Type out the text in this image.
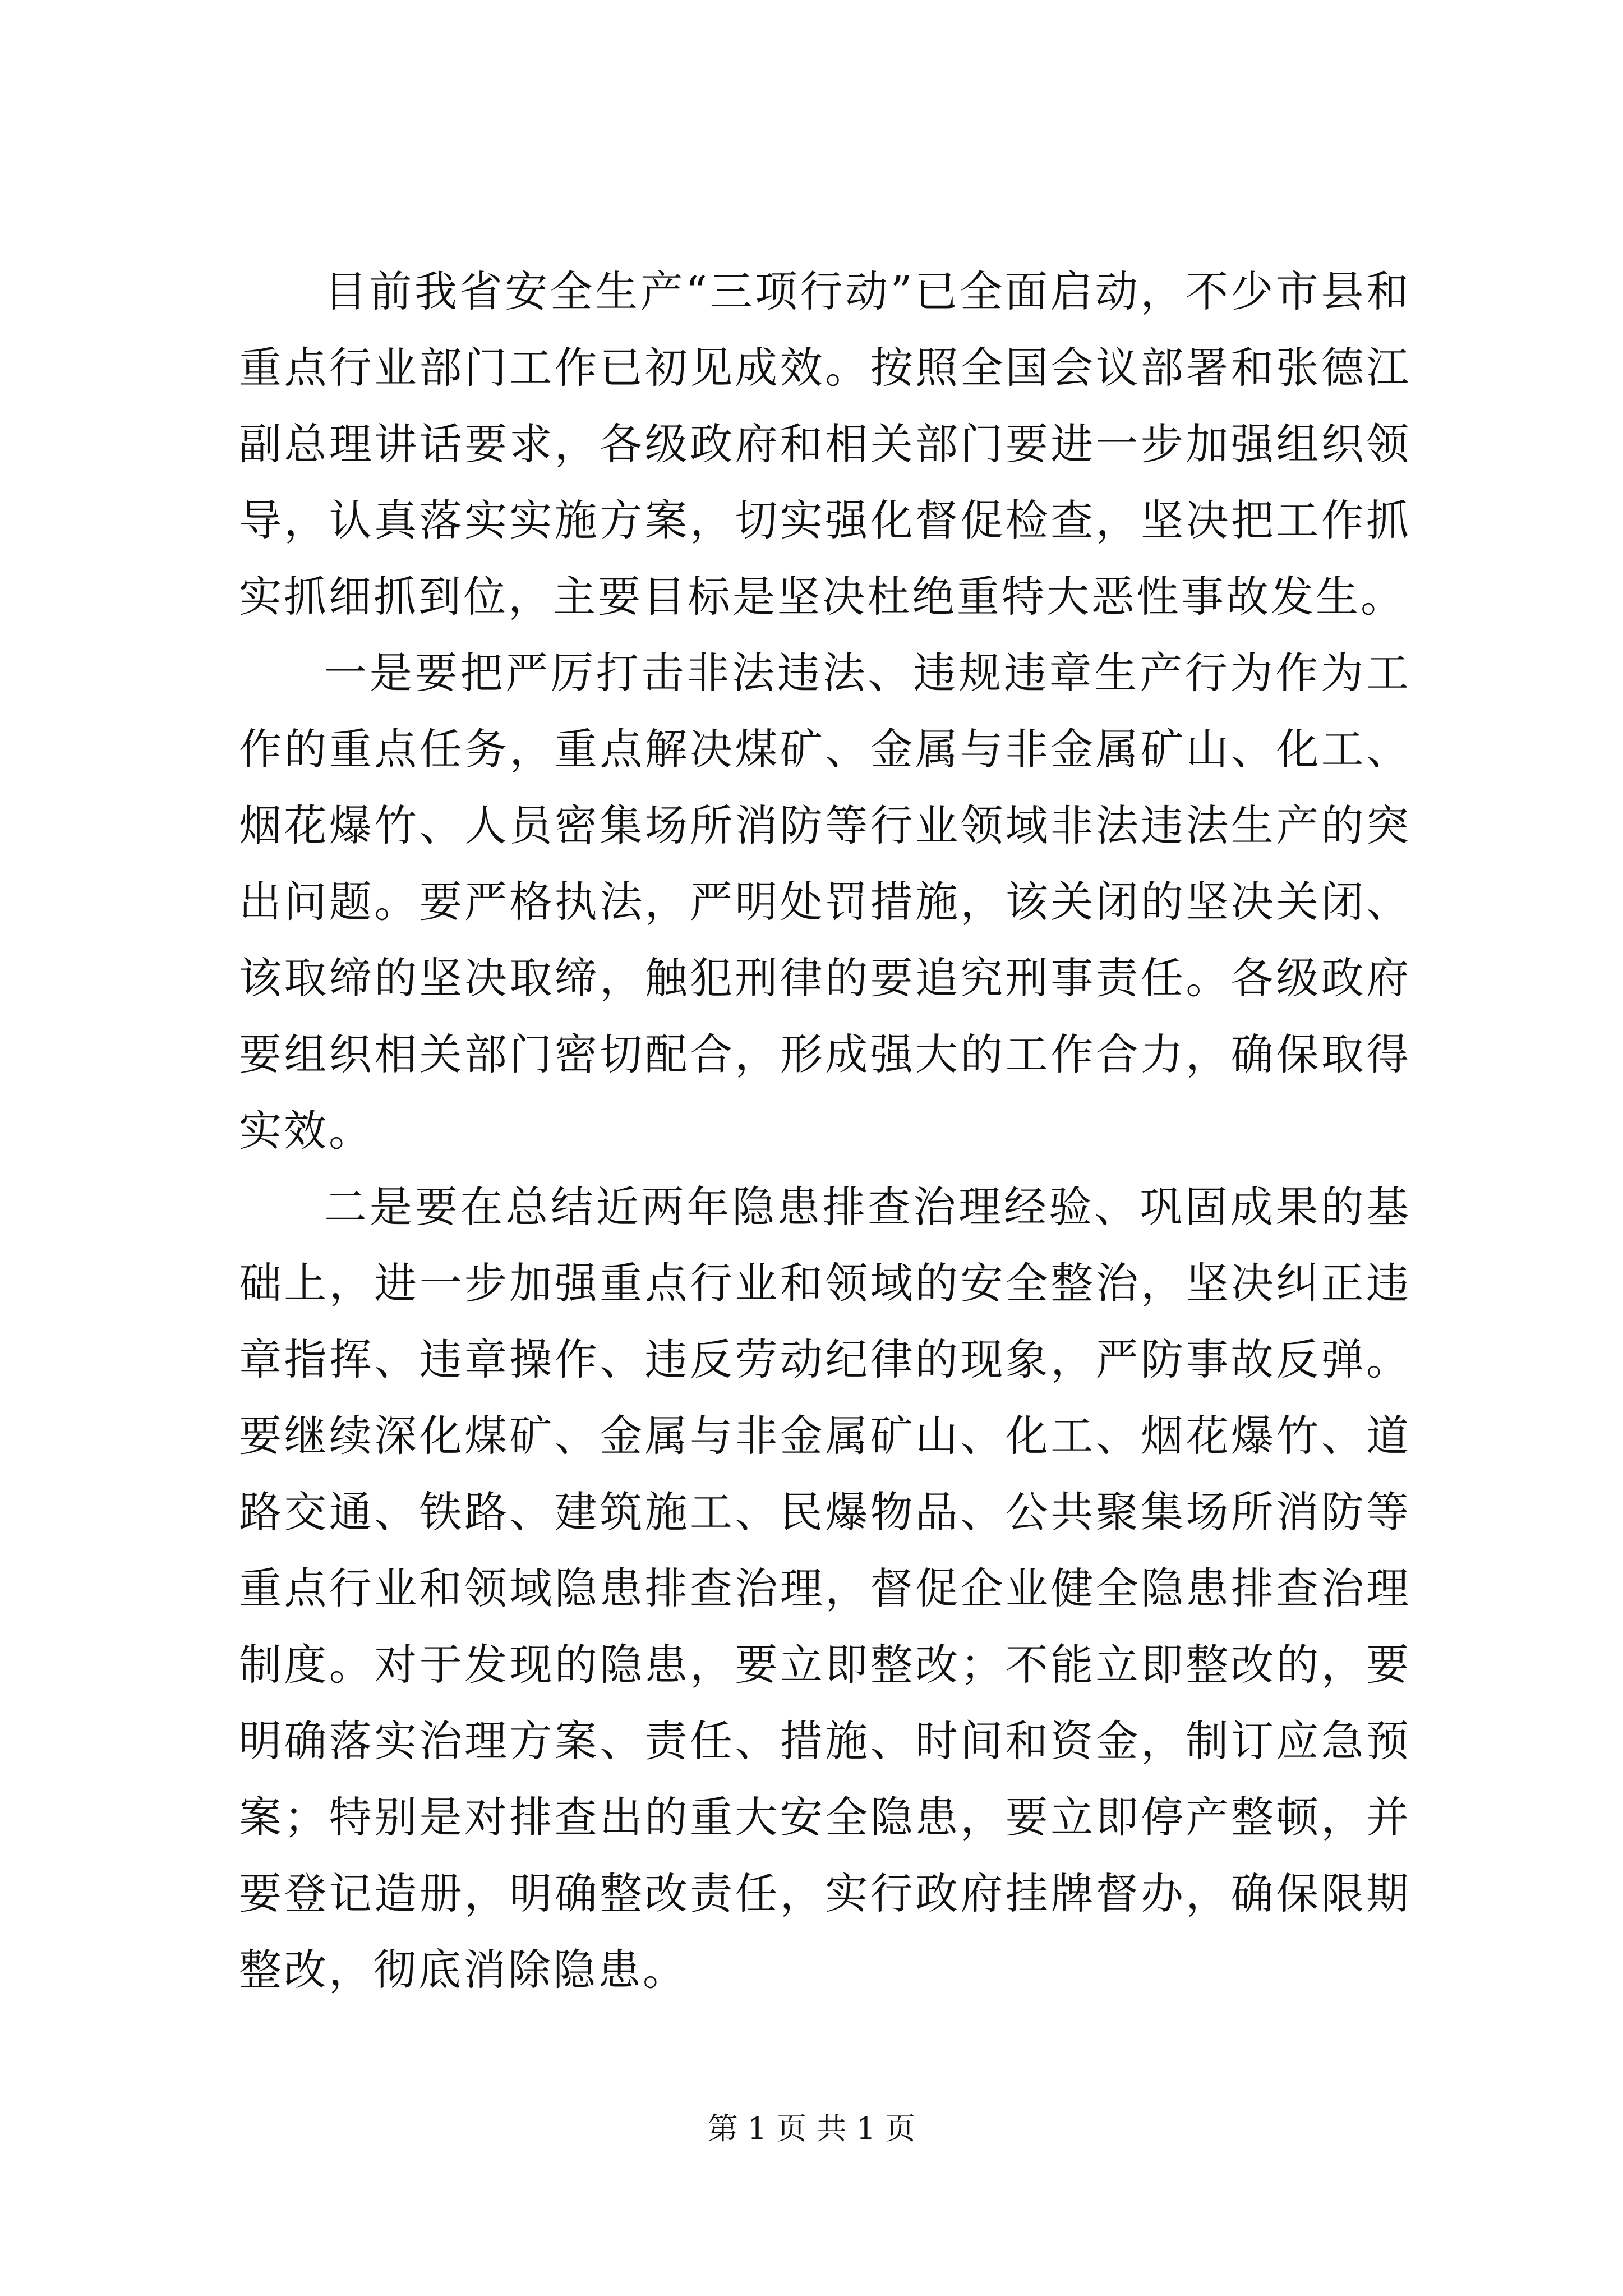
目前我省安全生产“三项行动”已全面启动，不少市县和重点行业部门工作已初见成效。按照全国会议部署和张德江副总理讲话要求，各级政府和相关部门要进一步加强组织领导，认真落实实施方案，切实强化督促检查，坚决把工作抓实抓细抓到位，主要目标是坚决杜绝重特大恶性事故发生。

一是要把严厉打击非法违法、违规违章生产行为作为工作的重点任务，重点解决煤矿、金属与非金属矿山、化工、烟花爆竹、人员密集场所消防等行业领域非法违法生产的突出问题。要严格执法，严明处罚措施，该关闭的坚决关闭、该取缔的坚决取缔，触犯刑律的要追究刑事责任。各级政府要组织相关部门密切配合，形成强大的工作合力，确保取得实效。

二是要在总结近两年隐患排查治理经验、巩固成果的基础上，进一步加强重点行业和领域的安全整治，坚决纠正违章指挥、违章操作、违反劳动纪律的现象，严防事故反弹。要继续深化煤矿、金属与非金属矿山、化工、烟花爆竹、道路交通、铁路、建筑施工、民爆物品、公共聚集场所消防等重点行业和领域隐患排查治理，督促企业健全隐患排查治理制度。对于发现的隐患，要立即整改；不能立即整改的，要明确落实治理方案、责任、措施、时间和资金，制订应急预案；特别是对排查出的重大安全隐患，要立即停产整顿，并要登记造册，明确整改责任，实行政府挂牌督办，确保限期整改，彻底消除隐患。

第 1 页 共 1 页
